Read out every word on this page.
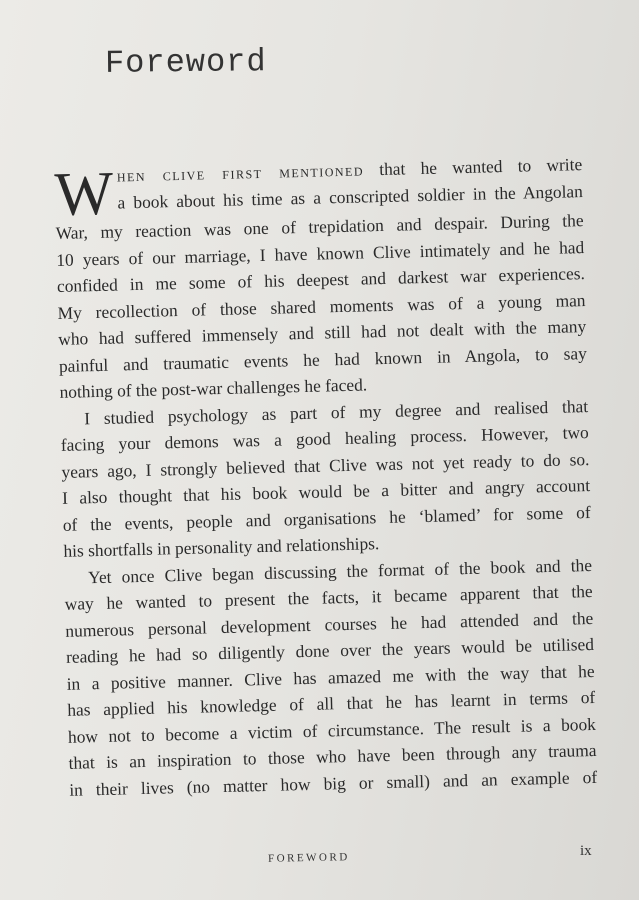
Foreword
W hen clive first mentioned that he wanted to write
a book about his time as a conscripted soldier in the Angolan
War, my reaction was one of trepidation and despair. During the
10 years of our marriage, I have known Clive intimately and he had
confided in me some of his deepest and darkest war experiences.
My recollection of those shared moments was of a young man
who had suffered immensely and still had not dealt with the many
painful and traumatic events he had known in Angola, to say
nothing of the post-war challenges he faced.
I studied psychology as part of my degree and realised that
facing your demons was a good healing process. However, two
years ago, I strongly believed that Clive was not yet ready to do so.
I also thought that his book would be a bitter and angry account
of the events, people and organisations he ‘blamed’ for some of
his shortfalls in personality and relationships.
Yet once Clive began discussing the format of the book and the
way he wanted to present the facts, it became apparent that the
numerous personal development courses he had attended and the
reading he had so diligently done over the years would be utilised
in a positive manner. Clive has amazed me with the way that he
has applied his knowledge of all that he has learnt in terms of
how not to become a victim of circumstance. The result is a book
that is an inspiration to those who have been through any trauma
in their lives (no matter how big or small) and an example of
FOREWORD	ix
